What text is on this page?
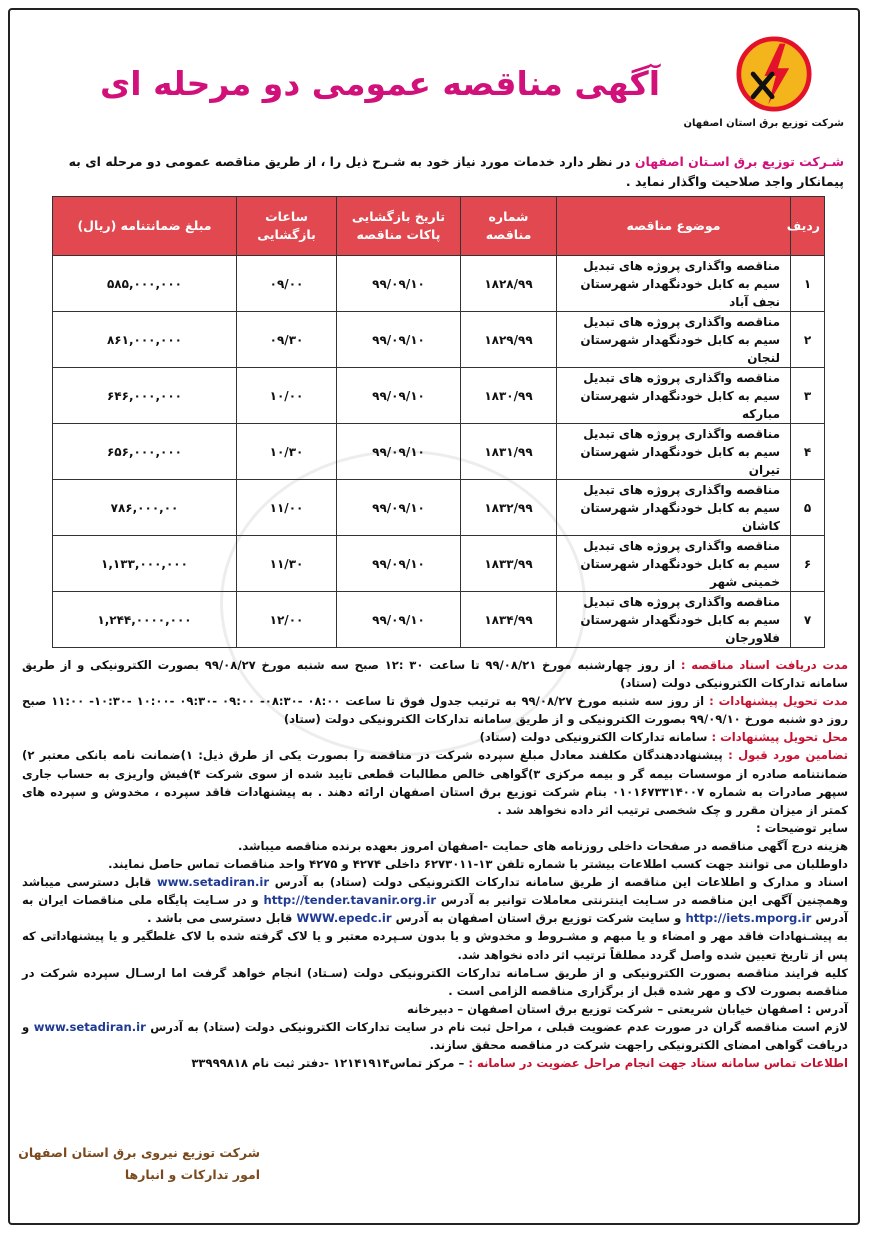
شرکت توزیع برق استان اصفهان
آگهی مناقصه عمومی دو مرحله ای
شـرکت توزیع برق اسـتان اصفهان در نظر دارد خدمات مورد نیاز خود به شـرح ذیل را ، از طریق مناقصه عمومی دو مرحله ای به پیمانکار واجد صلاحیت واگذار نماید .
ردیف	موضوع مناقصه	شماره مناقصه	تاریخ بازگشایی پاکات مناقصه	ساعات بازگشایی	مبلغ ضمانتنامه (ریال)
۱	مناقصه واگذاری پروژه های تبدیل سیم به کابل خودنگهدار شهرستان نجف آباد	۱۸۲۸/۹۹	۹۹/۰۹/۱۰	۰۹/۰۰	۵۸۵,۰۰۰,۰۰۰
۲	مناقصه واگذاری پروژه های تبدیل سیم به کابل خودنگهدار شهرستان لنجان	۱۸۲۹/۹۹	۹۹/۰۹/۱۰	۰۹/۳۰	۸۶۱,۰۰۰,۰۰۰
۳	مناقصه واگذاری پروژه های تبدیل سیم به کابل خودنگهدار شهرستان مبارکه	۱۸۳۰/۹۹	۹۹/۰۹/۱۰	۱۰/۰۰	۶۴۶,۰۰۰,۰۰۰
۴	مناقصه واگذاری پروژه های تبدیل سیم به کابل خودنگهدار شهرستان تیران	۱۸۳۱/۹۹	۹۹/۰۹/۱۰	۱۰/۳۰	۶۵۶,۰۰۰,۰۰۰
۵	مناقصه واگذاری پروژه های تبدیل سیم به کابل خودنگهدار شهرستان کاشان	۱۸۳۲/۹۹	۹۹/۰۹/۱۰	۱۱/۰۰	۷۸۶,۰۰۰,۰۰
۶	مناقصه واگذاری پروژه های تبدیل سیم به کابل خودنگهدار شهرستان خمینی شهر	۱۸۳۳/۹۹	۹۹/۰۹/۱۰	۱۱/۳۰	۱,۱۳۳,۰۰۰,۰۰۰
۷	مناقصه واگذاری پروژه های تبدیل سیم به کابل خودنگهدار شهرستان فلاورجان	۱۸۳۴/۹۹	۹۹/۰۹/۱۰	۱۲/۰۰	۱,۲۴۴,۰۰۰۰,۰۰۰

مدت دریافت اسناد مناقصه : از روز چهارشنبه مورخ ۹۹/۰۸/۲۱ تا ساعت ۳۰ :۱۲ صبح سه شنبه مورخ ۹۹/۰۸/۲۷ بصورت الکترونیکی و از طریق سامانه تدارکات الکترونیکی دولت (ستاد)

مدت تحویل پیشنهادات : از روز سه شنبه مورخ ۹۹/۰۸/۲۷ به ترتیب جدول فوق تا ساعت ۰۸:۰۰ -۰۸:۳۰- ۰۹:۰۰ -۰۹:۳۰ -۱۰:۰۰ -۱۰:۳۰- ۱۱:۰۰ صبح روز دو شنبه مورخ ۹۹/۰۹/۱۰ بصورت الکترونیکی و از طریق سامانه تدارکات الکترونیکی دولت (ستاد)

محل تحویل پیشنهادات : سامانه تدارکات الکترونیکی دولت (ستاد)

تضامین مورد قبول : پیشنهاددهندگان مکلفند معادل مبلغ سپرده شرکت در مناقصه را بصورت یکی از طرق ذیل: ۱)ضمانت نامه بانکی معتبر ۲) ضمانتنامه صادره از موسسات بیمه گر و بیمه مرکزی ۳)گواهی خالص مطالبات قطعی تایید شده از سوی شرکت ۴)فیش واریزی به حساب جاری سپهر صادرات به شماره ۰۱۰۱۶۷۳۳۱۴۰۰۷ بنام شرکت توزیع برق استان اصفهان ارائه دهند . به پیشنهادات فاقد سپرده ، مخدوش و سپرده های کمتر از میزان مقرر و چک شخصی ترتیب اثر داده نخواهد شد .

سایر توضیحات :

هزینه درج آگهی مناقصه در صفحات داخلی روزنامه های حمایت -اصفهان امروز بعهده برنده مناقصه میباشد.

داوطلبان می توانند جهت کسب اطلاعات بیشتر با شماره تلفن ۱۳-۶۲۷۳۰۱۱ داخلی ۴۲۷۴ و ۴۲۷۵ واحد مناقصات تماس حاصل نمایند.

اسناد و مدارک و اطلاعات این مناقصه از طریق سامانه تدارکات الکترونیکی دولت (ستاد) به آدرس www.setadiran.ir قابل دسترسی میباشد وهمچنین آگهی این مناقصه در سـایت اینترنتی معاملات توانیر به آدرس http://tender.tavanir.org.ir و در سـایت پایگاه ملی مناقصات ایران به آدرس http://iets.mporg.ir و سایت شرکت توزیع برق استان اصفهان به آدرس WWW.epedc.ir قابل دسترسی می باشد .

به پیشـنهادات فاقد مهر و امضاء و یا مبهم و مشـروط و مخدوش و یا بدون سـپرده معتبر و یا لاک گرفته شده با لاک غلطگیر و یا پیشنهاداتی که پس از تاریخ تعیین شده واصل گردد مطلقاً ترتیب اثر داده نخواهد شد.

کلیه فرایند مناقصه بصورت الکترونیکی و از طریق سـامانه تدارکات الکترونیکی دولت (سـتاد) انجام خواهد گرفت اما ارسـال سپرده شرکت در مناقصه بصورت لاک و مهر شده قبل از برگزاری مناقصه الزامی است .

آدرس : اصفهان خیابان شریعتی – شرکت توزیع برق استان اصفهان – دبیرخانه

لازم است مناقصه گران در صورت عدم عضویت قبلی ، مراحل ثبت نام در سایت تدارکات الکترونیکی دولت (ستاد) به آدرس www.setadiran.ir و دریافت گواهی امضای الکترونیکی راجهت شرکت در مناقصه محقق سازند.

اطلاعات تماس سامانه ستاد جهت انجام مراحل عضویت در سامانه : – مرکز تماس۱۲۱۴۱۹۱۴ -دفتر ثبت نام ۳۳۹۹۹۸۱۸

شرکت توزیع نیروی برق استان اصفهان
امور تدارکات و انبارها
